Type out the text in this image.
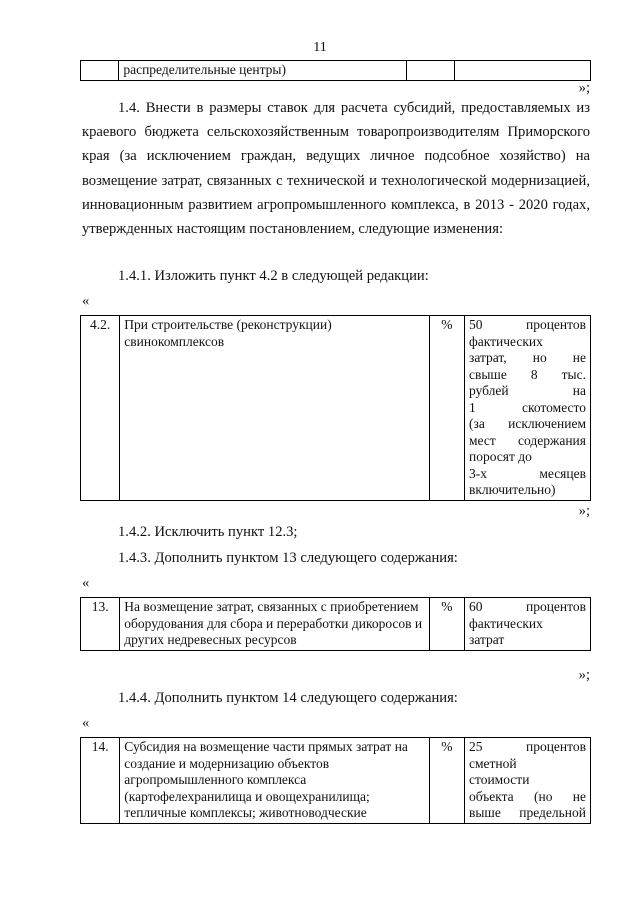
11
	распределительные центры)		
»;
1.4. Внести в размеры ставок для расчета субсидий, предоставляемых из краевого бюджета сельскохозяйственным товаропроизводителям Приморского края (за исключением граждан, ведущих личное подсобное хозяйство) на возмещение затрат, связанных с технической и технологической модернизацией, инновационным развитием агропромышленного комплекса, в 2013 - 2020 годах, утвержденных настоящим постановлением, следующие изменения:
1.4.1. Изложить пункт 4.2 в следующей редакции:
«
4.2.	При строительстве (реконструкции) свинокомплексов	%	50 процентов
фактических
затрат, но не
свыше 8 тыс.
рублей на
1 скотоместо
(за исключением
мест содержания
поросят до
3-х месяцев
включительно)
»;
1.4.2. Исключить пункт 12.3;
1.4.3. Дополнить пунктом 13 следующего содержания:
«
13.	На возмещение затрат, связанных с приобретением оборудования для сбора и переработки дикоросов и других недревесных ресурсов	%	60 процентов
фактических
затрат
»;
1.4.4. Дополнить пунктом 14 следующего содержания:
«
14.	Субсидия на возмещение части прямых затрат на создание и модернизацию объектов агропромышленного комплекса (картофелехранилища и овощехранилища; тепличные комплексы; животноводческие	%	25 процентов
сметной
стоимости
объекта (но не
выше предельной
